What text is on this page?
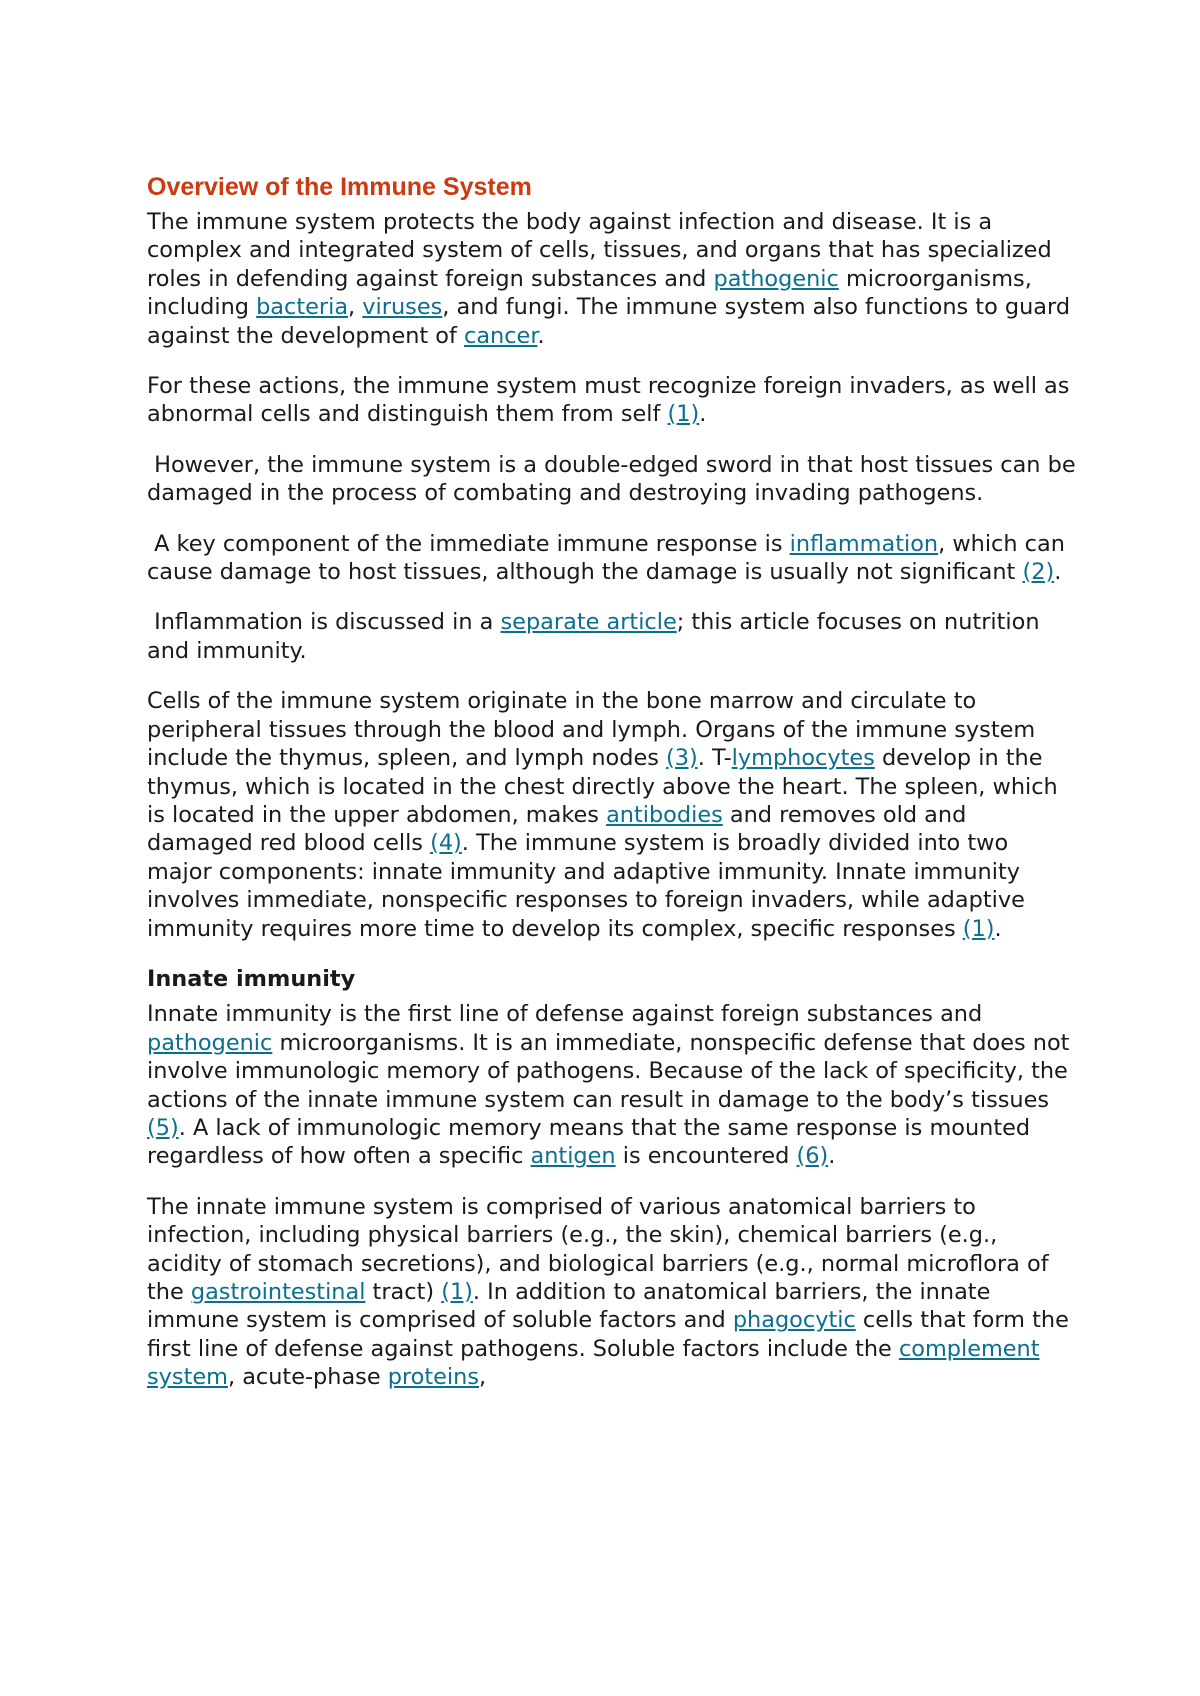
Overview of the Immune System

The immune system protects the body against infection and disease. It is a complex and integrated system of cells, tissues, and organs that has specialized roles in defending against foreign substances and pathogenic microorganisms, including bacteria, viruses, and fungi. The immune system also functions to guard against the development of cancer.

For these actions, the immune system must recognize foreign invaders, as well as abnormal cells and distinguish them from self (1).

However, the immune system is a double-edged sword in that host tissues can be damaged in the process of combating and destroying invading pathogens.

A key component of the immediate immune response is inflammation, which can cause damage to host tissues, although the damage is usually not significant (2).

Inflammation is discussed in a separate article; this article focuses on nutrition and immunity.

Cells of the immune system originate in the bone marrow and circulate to peripheral tissues through the blood and lymph. Organs of the immune system include the thymus, spleen, and lymph nodes (3). T-lymphocytes develop in the thymus, which is located in the chest directly above the heart. The spleen, which is located in the upper abdomen, makes antibodies and removes old and damaged red blood cells (4). The immune system is broadly divided into two major components: innate immunity and adaptive immunity. Innate immunity involves immediate, nonspecific responses to foreign invaders, while adaptive immunity requires more time to develop its complex, specific responses (1).

Innate immunity

Innate immunity is the first line of defense against foreign substances and pathogenic microorganisms. It is an immediate, nonspecific defense that does not involve immunologic memory of pathogens. Because of the lack of specificity, the actions of the innate immune system can result in damage to the body’s tissues (5). A lack of immunologic memory means that the same response is mounted regardless of how often a specific antigen is encountered (6).

The innate immune system is comprised of various anatomical barriers to infection, including physical barriers (e.g., the skin), chemical barriers (e.g., acidity of stomach secretions), and biological barriers (e.g., normal microflora of the gastrointestinal tract) (1). In addition to anatomical barriers, the innate immune system is comprised of soluble factors and phagocytic cells that form the first line of defense against pathogens. Soluble factors include the complement system, acute-phase proteins,
